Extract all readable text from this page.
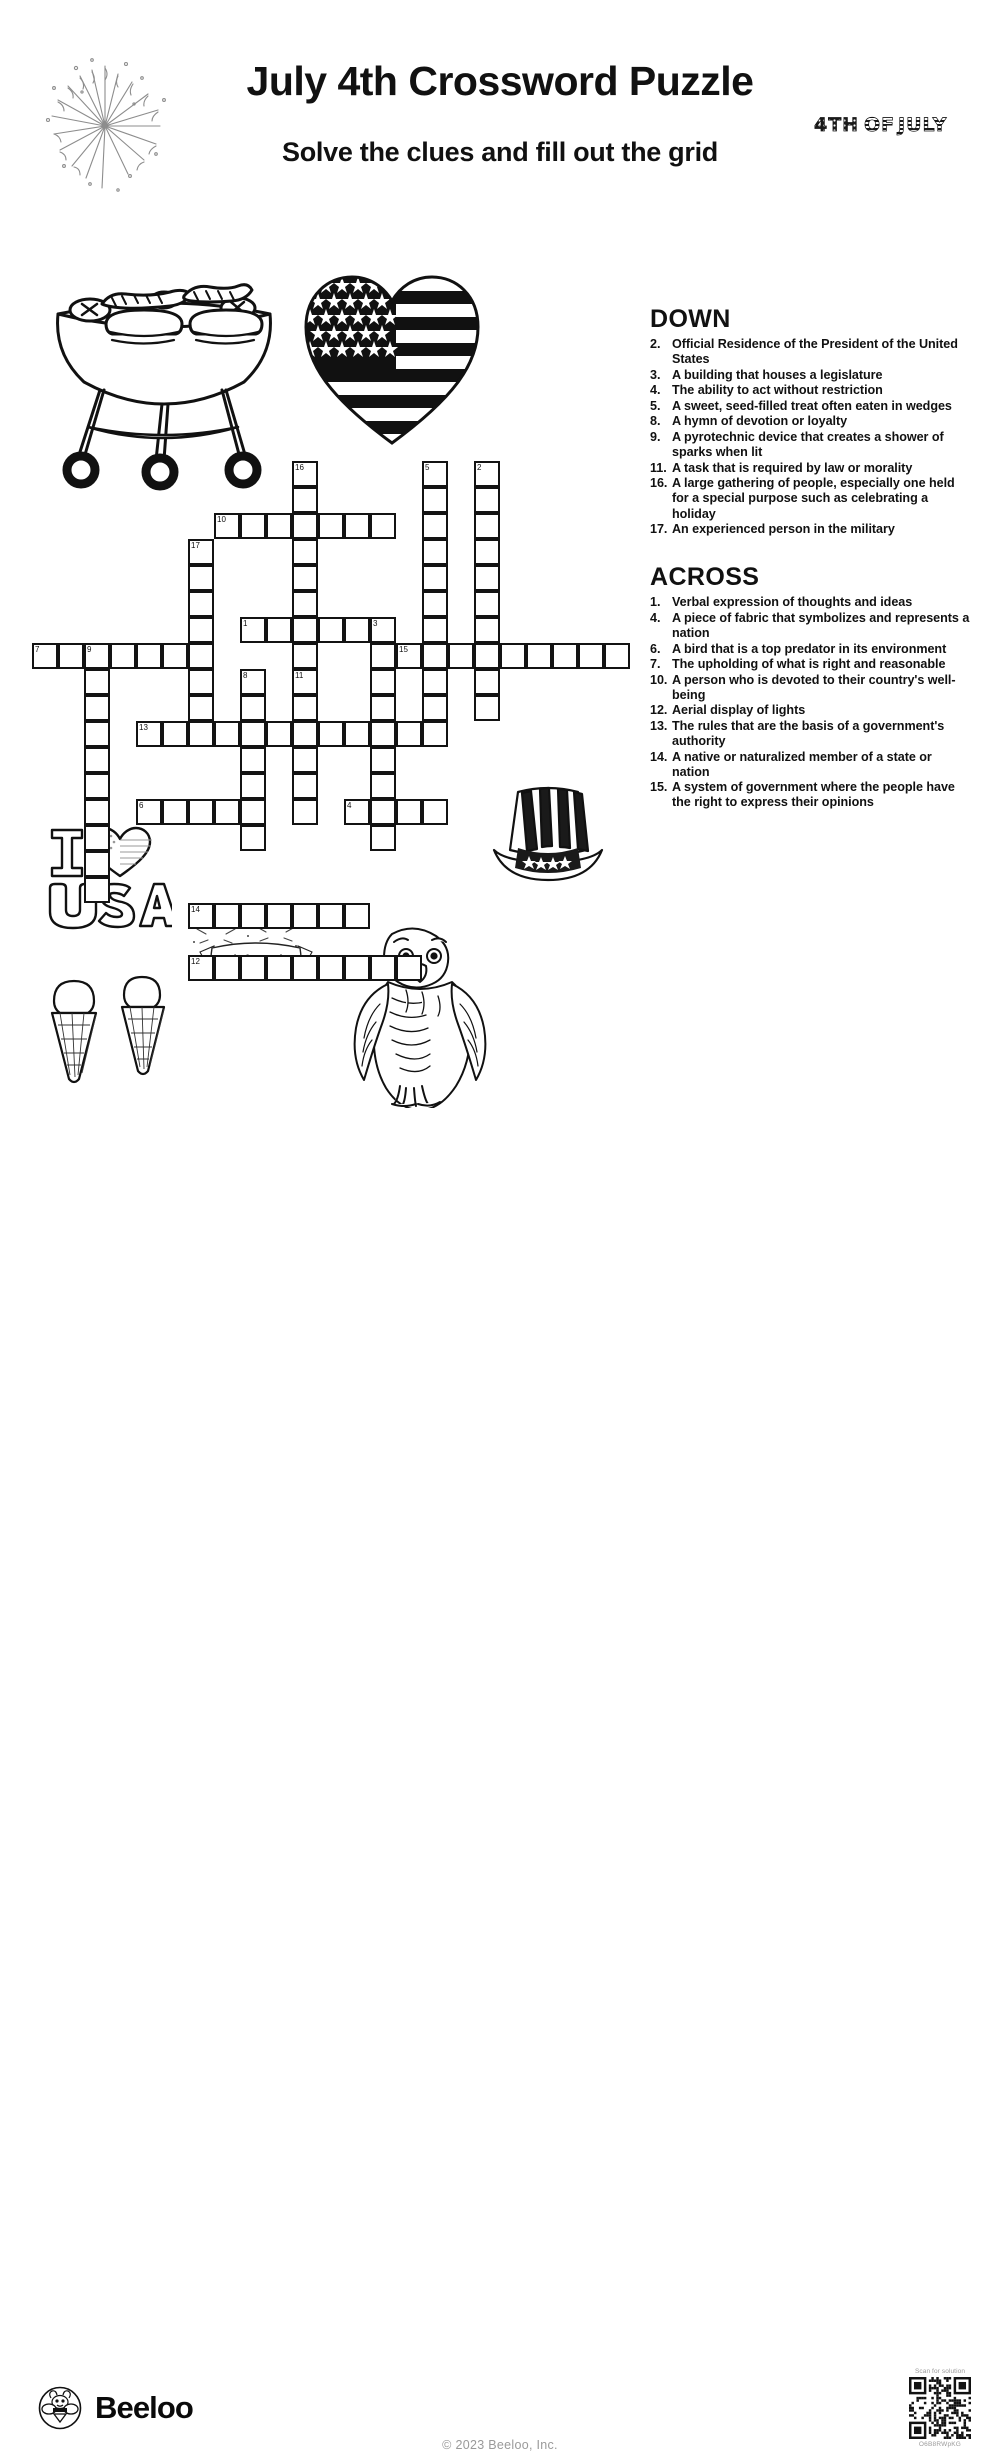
July 4th Crossword Puzzle
Solve the clues and fill out the grid
4TH OF JULY
16	5	2
10
17
1	3
7	9	15
8	11
13
6	4
14
12
DOWN
2. Official Residence of the President of the United States
3. A building that houses a legislature
4. The ability to act without restriction
5. A sweet, seed-filled treat often eaten in wedges
8. A hymn of devotion or loyalty
9. A pyrotechnic device that creates a shower of sparks when lit
11. A task that is required by law or morality
16. A large gathering of people, especially one held for a special purpose such as celebrating a holiday
17. An experienced person in the military
ACROSS
1. Verbal expression of thoughts and ideas
4. A piece of fabric that symbolizes and represents a nation
6. A bird that is a top predator in its environment
7. The upholding of what is right and reasonable
10. A person who is devoted to their country's well-being
12. Aerial display of lights
13. The rules that are the basis of a government's authority
14. A native or naturalized member of a state or nation
15. A system of government where the people have the right to express their opinions
Beeloo
© 2023 Beeloo, Inc.
Scan for solution
O6B8RWpKG
